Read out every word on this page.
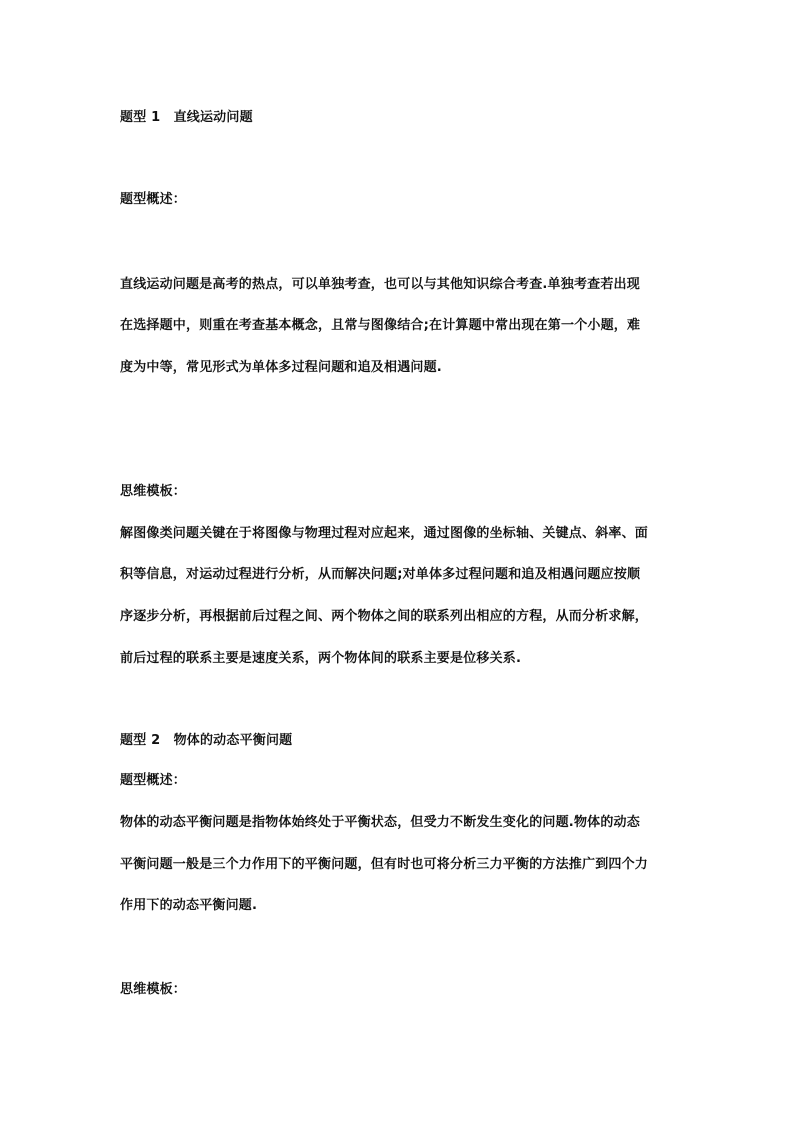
题型 1　直线运动问题
题型概述：
直线运动问题是高考的热点，可以单独考查，也可以与其他知识综合考查.单独考查若出现
在选择题中，则重在考查基本概念，且常与图像结合;在计算题中常出现在第一个小题，难
度为中等，常见形式为单体多过程问题和追及相遇问题.
思维模板：
解图像类问题关键在于将图像与物理过程对应起来，通过图像的坐标轴、关键点、斜率、面
积等信息，对运动过程进行分析，从而解决问题;对单体多过程问题和追及相遇问题应按顺
序逐步分析，再根据前后过程之间、两个物体之间的联系列出相应的方程，从而分析求解，
前后过程的联系主要是速度关系，两个物体间的联系主要是位移关系.
题型 2　物体的动态平衡问题
题型概述：
物体的动态平衡问题是指物体始终处于平衡状态，但受力不断发生变化的问题.物体的动态
平衡问题一般是三个力作用下的平衡问题，但有时也可将分析三力平衡的方法推广到四个力
作用下的动态平衡问题.
思维模板：
